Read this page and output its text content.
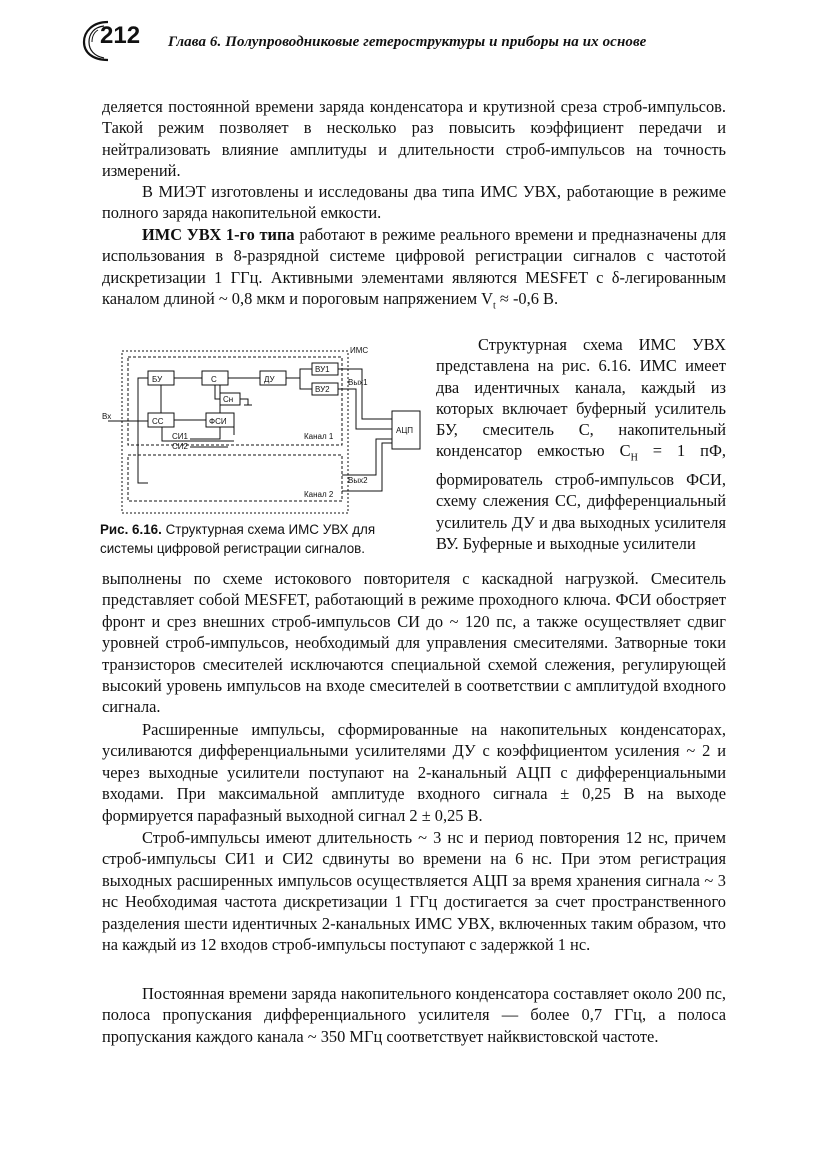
212 Глава 6. Полупроводниковые гетероструктуры и приборы на их основе
деляется постоянной времени заряда конденсатора и крутизной среза строб-импульсов. Такой режим позволяет в несколько раз повысить коэффициент передачи и нейтрализовать влияние амплитуды и длительности строб-импульсов на точность измерений.
В МИЭТ изготовлены и исследованы два типа ИМС УВХ, работающие в режиме полного заряда накопительной емкости.
ИМС УВХ 1-го типа работают в режиме реального времени и предназначены для использования в 8-разрядной системе цифровой регистрации сигналов с частотой дискретизации 1 ГГц. Активными элементами являются MESFET с δ-легированным каналом длиной ~ 0,8 мкм и пороговым напряжением $V_t \approx -0,6$ В.
Структурная схема ИМС УВХ представлена на рис. 6.16. ИМС имеет два идентичных канала, каждый из которых включает буферный усилитель БУ, смеситель С, накопительный конденсатор емкостью $C_Н = 1$ пФ, формирователь строб-импульсов ФСИ, схему слежения СС, дифференциальный усилитель ДУ и два выходных усилителя ВУ. Буферные и выходные усилители
ИМС
БУ	С	ДУ
ВУ1
ВУ2
Cн
СС	ФСИ
Вых1
Вых2
Вх
АЦП
Канал 1
Канал 2
СИ1
СИ2
Рис. 6.16. Структурная схема ИМС УВХ для системы цифровой регистрации сигналов.
выполнены по схеме истокового повторителя с каскадной нагрузкой. Смеситель представляет собой MESFET, работающий в режиме проходного ключа. ФСИ обостряет фронт и срез внешних строб-импульсов СИ до ~ 120 пс, а также осуществляет сдвиг уровней строб-импульсов, необходимый для управления смесителями. Затворные токи транзисторов смесителей исключаются специальной схемой слежения, регулирующей высокий уровень импульсов на входе смесителей в соответствии с амплитудой входного сигнала.
Расширенные импульсы, сформированные на накопительных конденсаторах, усиливаются дифференциальными усилителями ДУ с коэффициентом усиления ~ 2 и через выходные усилители поступают на 2-канальный АЦП с дифференциальными входами. При максимальной амплитуде входного сигнала ± 0,25 В на выходе формируется парафазный выходной сигнал 2 ± 0,25 В.
Строб-импульсы имеют длительность ~ 3 нс и период повторения 12 нс, причем строб-импульсы СИ1 и СИ2 сдвинуты во времени на 6 нс. При этом регистрация выходных расширенных импульсов осуществляется АЦП за время хранения сигнала ~ 3 нс Необходимая частота дискретизации 1 ГГц достигается за счет пространственного разделения шести идентичных 2-канальных ИМС УВХ, включенных таким образом, что на каждый из 12 входов строб-импульсы поступают с задержкой 1 нс.
Постоянная времени заряда накопительного конденсатора составляет около 200 пс, полоса пропускания дифференциального усилителя — более 0,7 ГГц, а полоса пропускания каждого канала ~ 350 МГц соответствует найквистовской частоте.
